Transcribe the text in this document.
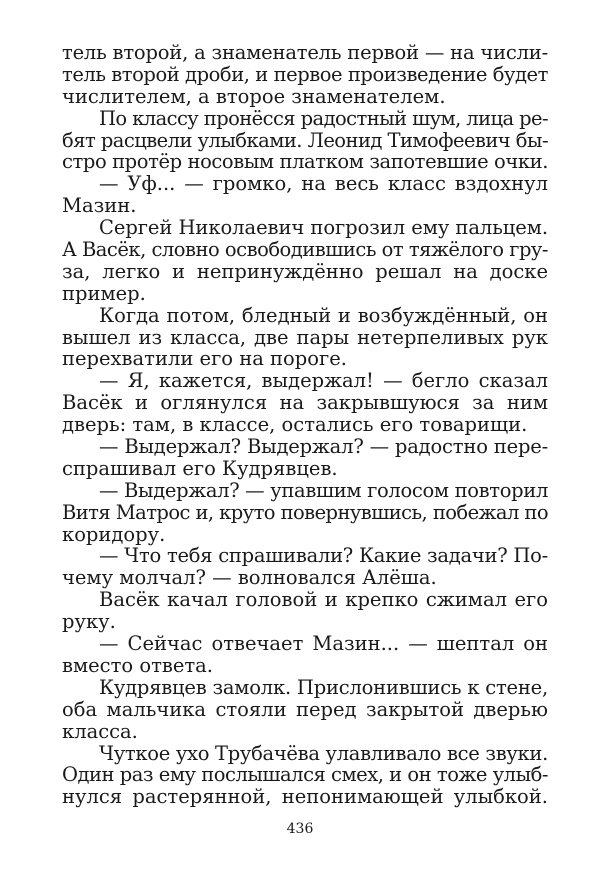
тель второй, а знаменатель первой — на числи-
тель второй дроби, и первое произведение будет
числителем, а второе знаменателем.
По классу пронёсся радостный шум, лица ре-
бят расцвели улыбками. Леонид Тимофеевич бы-
стро протёр носовым платком запотевшие очки.
— Уф... — громко, на весь класс вздохнул
Мазин.
Сергей Николаевич погрозил ему пальцем.
А Васёк, словно освободившись от тяжёлого гру-
за, легко и непринуждённо решал на доске
пример.
Когда потом, бледный и возбуждённый, он
вышел из класса, две пары нетерпеливых рук
перехватили его на пороге.
— Я, кажется, выдержал! — бегло сказал
Васёк и оглянулся на закрывшуюся за ним
дверь: там, в классе, остались его товарищи.
— Выдержал? Выдержал? — радостно пере-
спрашивал его Кудрявцев.
— Выдержал? — упавшим голосом повторил
Витя Матрос и, круто повернувшись, побежал по
коридору.
— Что тебя спрашивали? Какие задачи? По-
чему молчал? — волновался Алёша.
Васёк качал головой и крепко сжимал его
руку.
— Сейчас отвечает Мазин... — шептал он
вместо ответа.
Кудрявцев замолк. Прислонившись к стене,
оба мальчика стояли перед закрытой дверью
класса.
Чуткое ухо Трубачёва улавливало все звуки.
Один раз ему послышался смех, и он тоже улыб-
нулся растерянной, непонимающей улыбкой.
436
